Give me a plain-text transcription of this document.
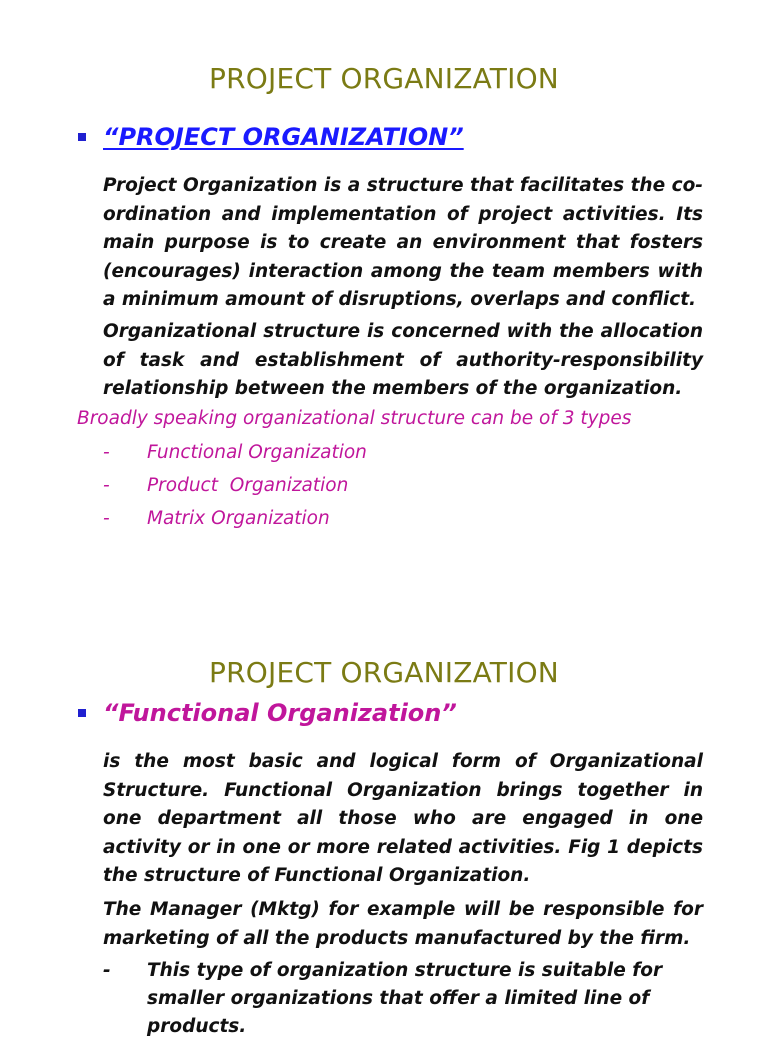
PROJECT ORGANIZATION
“PROJECT ORGANIZATION”

Project Organization is a structure that facilitates the co-ordination and implementation of project activities. Its main purpose is to create an environment that fosters (encourages) interaction among the team members with a minimum amount of disruptions, overlaps and conflict.

Organizational structure is concerned with the allocation of task and establishment of authority-responsibility relationship between the members of the organization.

Broadly speaking organizational structure can be of 3 types

- Functional Organization
- Product  Organization
- Matrix Organization
PROJECT ORGANIZATION
“Functional Organization”

is the most basic and logical form of Organizational Structure. Functional Organization brings together in one department all those who are engaged in one activity or in one or more related activities. Fig 1 depicts the structure of Functional Organization.

The Manager (Mktg) for example will be responsible for marketing of all the products manufactured by the firm.

- This type of organization structure is suitable for smaller organizations that offer a limited line of products.
